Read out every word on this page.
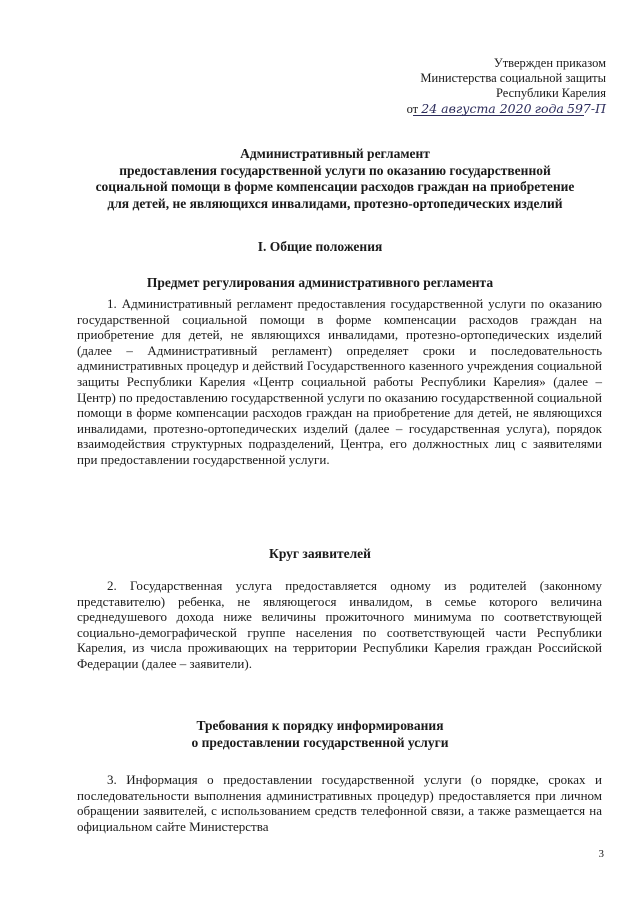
Утвержден приказом
Министерства социальной защиты
Республики Карелия
от 24 августа 2020 года 597-П
Административный регламент
предоставления государственной услуги по оказанию государственной
социальной помощи в форме компенсации расходов граждан на приобретение
для детей, не являющихся инвалидами, протезно-ортопедических изделий
I. Общие положения
Предмет регулирования административного регламента

1. Административный регламент предоставления государственной услуги по оказанию государственной социальной помощи в форме компенсации расходов граждан на приобретение для детей, не являющихся инвалидами, протезно-ортопедических изделий (далее – Административный регламент) определяет сроки и последовательность административных процедур и действий Государственного казенного учреждения социальной защиты Республики Карелия «Центр социальной работы Республики Карелия» (далее – Центр) по предоставлению государственной услуги по оказанию государственной социальной помощи в форме компенсации расходов граждан на приобретение для детей, не являющихся инвалидами, протезно-ортопедических изделий (далее – государственная услуга), порядок взаимодействия структурных подразделений, Центра, его должностных лиц с заявителями при предоставлении государственной услуги.

Круг заявителей

2. Государственная услуга предоставляется одному из родителей (законному представителю) ребенка, не являющегося инвалидом, в семье которого величина среднедушевого дохода ниже величины прожиточного минимума по соответствующей социально-демографической группе населения по соответствующей части Республики Карелия, из числа проживающих на территории Республики Карелия граждан Российской Федерации (далее – заявители).

Требования к порядку информирования
о предоставлении государственной услуги

3. Информация о предоставлении государственной услуги (о порядке, сроках и последовательности выполнения административных процедур) предоставляется при личном обращении заявителей, с использованием средств телефонной связи, а также размещается на официальном сайте Министерства

3
